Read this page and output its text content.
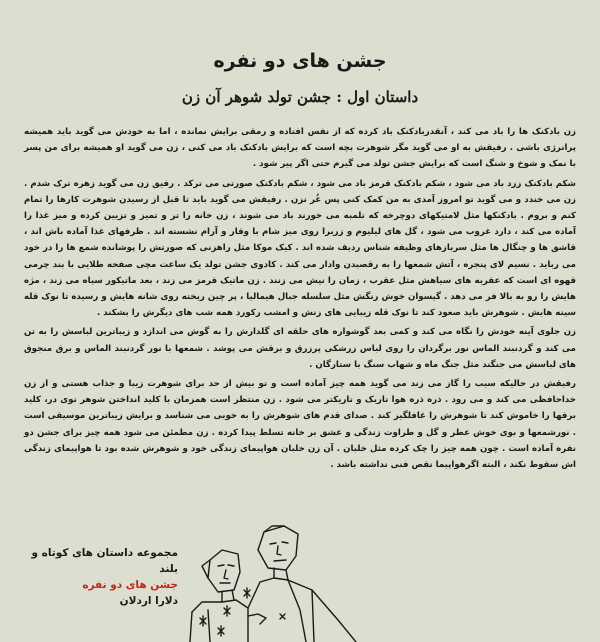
جشن های دو نفره
داستان اول : جشن تولد شوهر آن زن

زن بادکنک ها را باد می کند ، آنقدربادکنک باد کرده که از نفس افتاده و رمقی برایش نمانده ، اما به خودش می گوید باید همیشه پرانرژی باشی . رفیقش به او می گوید مگر شوهرت بچه است که برایش بادکنک باد می کنی ، زن می گوید او همیشه برای من پسر با نمک و شوخ و شنگ است که برایش جشن تولد می گیرم حتی اگر پیر شود .

شکم بادکنک زرد باد می شود ، شکم بادکنک قرمز باد می شود ، شکم بادکنک صورتی می ترکد . رفیق زن می گوید زهره ترک شدم . زن می خندد و می گوید تو امروز آمدی به من کمک کنی پس غُر نزن . رفیقش می گوید باید تا قبل از رسیدن شوهرت کارها را تمام کنم و بروم . بادکنکها مثل لامتیکهای دوچرخه که تلمبه می خورند باد می شوند ، زن خانه را تر و تمیز و تزیین کرده و میز غذا را آماده می کند ، دارد غروب می شود ، گل های لیلیوم و زربرا روی میز شام با وقار و آرام نشسته اند . ظرفهای غذا آماده باش اند ، قاشق ها و چنگال ها مثل سربازهای وظیفه شناس ردیف شده اند . کیک موکا مثل راهزنی که صورتش را پوشانده شمع ها را در خود می رباید . نسیم لای پنجره ، آتش شمعها را به رقصیدن وادار می کند . کادوی جشن تولد یک ساعت مچی صفحه طلایی با بند چرمی قهوه ای است که عقربه های سیاهش مثل عقرب ، زمان را نیش می زنند . زن ماتیک قرمز می زند ، بعد ماتیکور سیاه می زند ، مژه هایش را رو به بالا فر می دهد . گیسوان خوش رنگش مثل سلسله جبال هیمالیا ، پر چین ریخته روی شانه هایش و رسیده تا نوک قله سینه هایش . شوهرش باید صعود کند تا نوک قله زیبایی های زنش و امشب رکورد همه شب های دیگرش را بشکند .

زن جلوی آینه خودش را نگاه می کند و کمی بعد گوشواره های حلقه ای گلدارش را به گوش می اندازد و زیباترین لباسش را به تن می کند و گردنبند الماس نور برگردان را روی لباس زرشکی پرزرق و برقش می پوشد . شمعها با نور گردنبند الماس و برق منجوق های لباسش می جنگند مثل جنگ ماه و شهاب سنگ با ستارگان .

رفیقش در حالیکه سیب را گاز می زند می گوید همه چیز آماده است و تو بیش از حد برای شوهرت زیبا و جذاب هستی و از زن خداحافظی می کند و می رود . ذره ذره هوا تاریک و تاریکتر می شود . زن منتظر است همزمان با کلید انداختن شوهر توی در، کلید برقها را خاموش کند تا شوهرش را غافلگیر کند . صدای قدم های شوهرش را به خوبی می شناسد و برایش زیباترین موسیقی است . نورشمعها و بوی خوش عطر و گل و طراوت زندگی و عشق بر خانه تسلط پیدا کرده . زن مطمئن می شود همه چیز برای جشن دو نفره آماده است . چون همه چیز را چک کرده مثل خلبان . آن زن خلبان هواپیمای زندگی خود و شوهرش شده بود تا هواپیمای زندگی اش سقوط نکند ، البته اگرهواپیما نقص فنی نداشته باشد .

مجموعه داستان های کوتاه و بلند
جشن های دو نفره
دلارا اردلان
